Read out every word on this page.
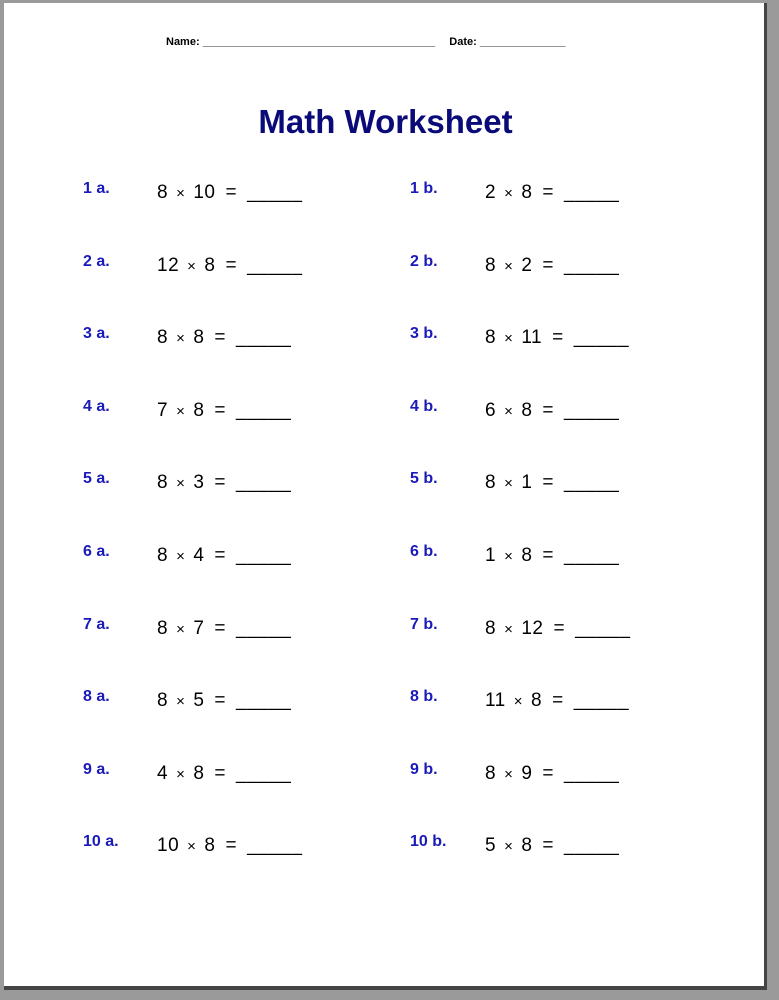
Name: ______________________________________ Date: ______________
Math Worksheet
1 a. 8 × 10 = _____	1 b. 2 × 8 = _____
2 a. 12 × 8 = _____	2 b. 8 × 2 = _____
3 a. 8 × 8 = _____	3 b. 8 × 11 = _____
4 a. 7 × 8 = _____	4 b. 6 × 8 = _____
5 a. 8 × 3 = _____	5 b. 8 × 1 = _____
6 a. 8 × 4 = _____	6 b. 1 × 8 = _____
7 a. 8 × 7 = _____	7 b. 8 × 12 = _____
8 a. 8 × 5 = _____	8 b. 11 × 8 = _____
9 a. 4 × 8 = _____	9 b. 8 × 9 = _____
10 a. 10 × 8 = _____	10 b. 5 × 8 = _____
